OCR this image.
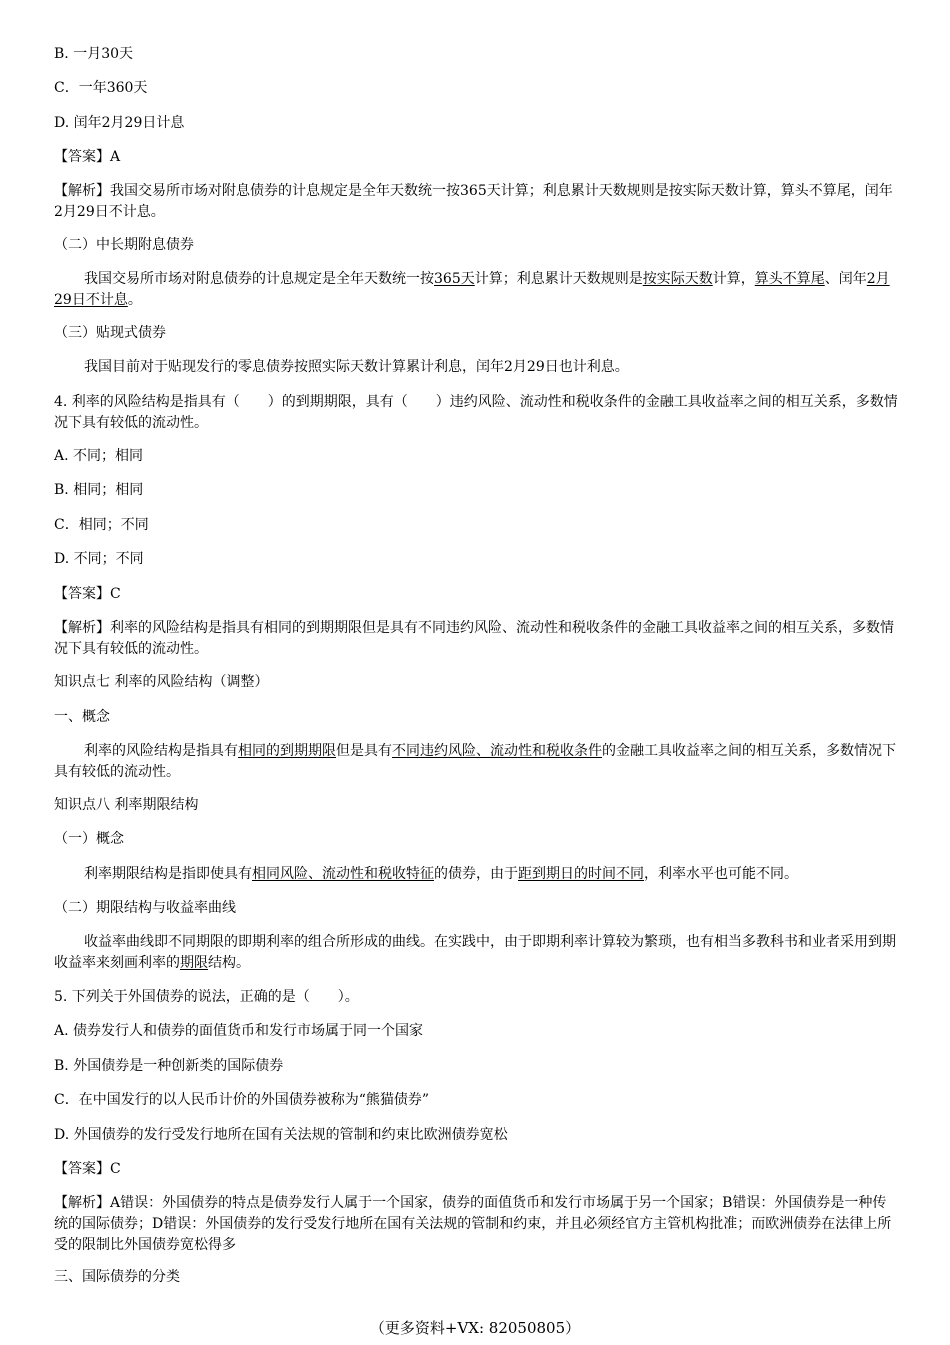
B. 一月30天

C．一年360天

D. 闰年2月29日计息

【答案】A

【解析】我国交易所市场对附息债券的计息规定是全年天数统一按365天计算；利息累计天数规则是按实际天数计算，算头不算尾，闰年2月29日不计息。

（二）中长期附息债券

我国交易所市场对附息债券的计息规定是全年天数统一按365天计算；利息累计天数规则是按实际天数计算，算头不算尾、闰年2月29日不计息。

（三）贴现式债券

我国目前对于贴现发行的零息债券按照实际天数计算累计利息，闰年2月29日也计利息。

4. 利率的风险结构是指具有（　　）的到期期限，具有（　　）违约风险、流动性和税收条件的金融工具收益率之间的相互关系，多数情况下具有较低的流动性。

A. 不同；相同

B. 相同；相同

C．相同；不同

D. 不同；不同

【答案】C

【解析】利率的风险结构是指具有相同的到期期限但是具有不同违约风险、流动性和税收条件的金融工具收益率之间的相互关系，多数情况下具有较低的流动性。

知识点七 利率的风险结构（调整）

一、概念

利率的风险结构是指具有相同的到期期限但是具有不同违约风险、流动性和税收条件的金融工具收益率之间的相互关系，多数情况下具有较低的流动性。

知识点八 利率期限结构

（一）概念

利率期限结构是指即使具有相同风险、流动性和税收特征的债券，由于距到期日的时间不同，利率水平也可能不同。

（二）期限结构与收益率曲线

收益率曲线即不同期限的即期利率的组合所形成的曲线。在实践中，由于即期利率计算较为繁琐，也有相当多教科书和业者采用到期收益率来刻画利率的期限结构。

5. 下列关于外国债券的说法，正确的是（　　）。

A. 债券发行人和债券的面值货币和发行市场属于同一个国家

B. 外国债券是一种创新类的国际债券

C．在中国发行的以人民币计价的外国债券被称为“熊猫债券”

D. 外国债券的发行受发行地所在国有关法规的管制和约束比欧洲债券宽松

【答案】C

【解析】A错误：外国债券的特点是债券发行人属于一个国家，债券的面值货币和发行市场属于另一个国家；B错误：外国债券是一种传统的国际债券；D错误：外国债券的发行受发行地所在国有关法规的管制和约束，并且必须经官方主管机构批准；而欧洲债券在法律上所受的限制比外国债券宽松得多

三、国际债券的分类

（更多资料+VX: 82050805）
